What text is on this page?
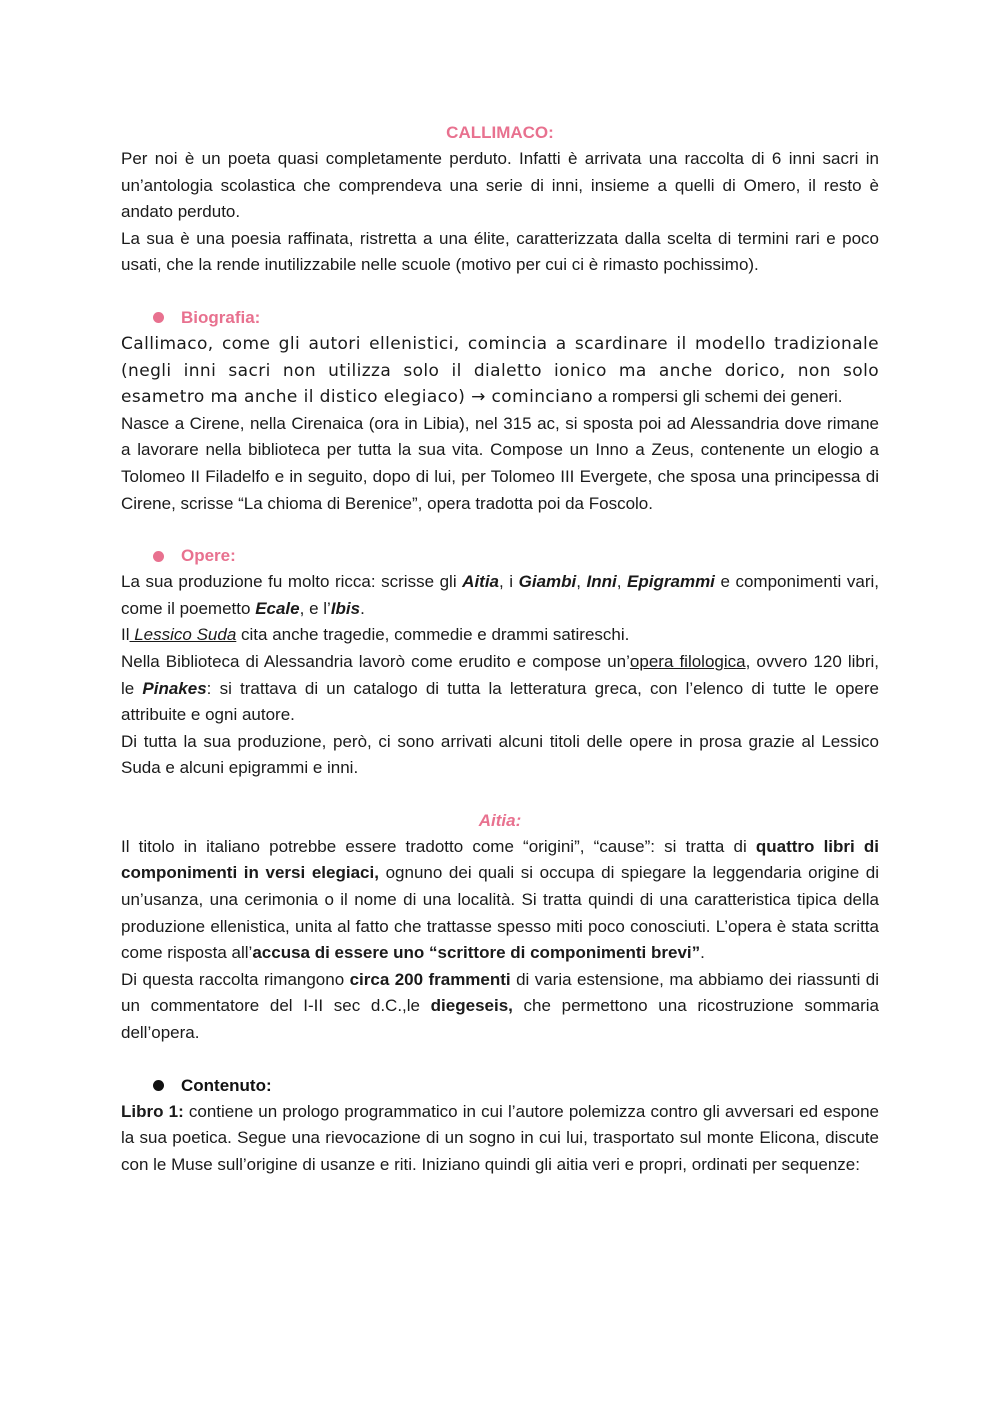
CALLIMACO:

Per noi è un poeta quasi completamente perduto. Infatti è arrivata una raccolta di 6 inni sacri in un’antologia scolastica che comprendeva una serie di inni, insieme a quelli di Omero, il resto è andato perduto.

La sua è una poesia raffinata, ristretta a una élite, caratterizzata dalla scelta di termini rari e poco usati, che la rende inutilizzabile nelle scuole (motivo per cui ci è rimasto pochissimo).

Biografia:

Callimaco, come gli autori ellenistici, comincia a scardinare il modello tradizionale (negli inni sacri non utilizza solo il dialetto ionico ma anche dorico, non solo esametro ma anche il distico elegiaco) → cominciano a rompersi gli schemi dei generi.

Nasce a Cirene, nella Cirenaica (ora in Libia), nel 315 ac, si sposta poi ad Alessandria dove rimane a lavorare nella biblioteca per tutta la sua vita. Compose un Inno a Zeus, contenente un elogio a Tolomeo II Filadelfo e in seguito, dopo di lui, per Tolomeo III Evergete, che sposa una principessa di Cirene, scrisse “La chioma di Berenice”, opera tradotta poi da Foscolo.

Opere:

La sua produzione fu molto ricca: scrisse gli Aitia, i Giambi, Inni, Epigrammi e componimenti vari, come il poemetto Ecale, e l’Ibis.

Il Lessico Suda cita anche tragedie, commedie e drammi satireschi.

Nella Biblioteca di Alessandria lavorò come erudito e compose un’opera filologica, ovvero 120 libri, le Pinakes: si trattava di un catalogo di tutta la letteratura greca, con l’elenco di tutte le opere attribuite e ogni autore.

Di tutta la sua produzione, però, ci sono arrivati alcuni titoli delle opere in prosa grazie al Lessico Suda e alcuni epigrammi e inni.

Aitia:

Il titolo in italiano potrebbe essere tradotto come “origini”, “cause”: si tratta di quattro libri di componimenti in versi elegiaci, ognuno dei quali si occupa di spiegare la leggendaria origine di un’usanza, una cerimonia o il nome di una località. Si tratta quindi di una caratteristica tipica della produzione ellenistica, unita al fatto che trattasse spesso miti poco conosciuti. L’opera è stata scritta come risposta all’accusa di essere uno “scrittore di componimenti brevi”.

Di questa raccolta rimangono circa 200 frammenti di varia estensione, ma abbiamo dei riassunti di un commentatore del I-II sec d.C.,le diegeseis, che permettono una ricostruzione sommaria dell’opera.

Contenuto:

Libro 1: contiene un prologo programmatico in cui l’autore polemizza contro gli avversari ed espone la sua poetica. Segue una rievocazione di un sogno in cui lui, trasportato sul monte Elicona, discute con le Muse sull’origine di usanze e riti. Iniziano quindi gli aitia veri e propri, ordinati per sequenze:
